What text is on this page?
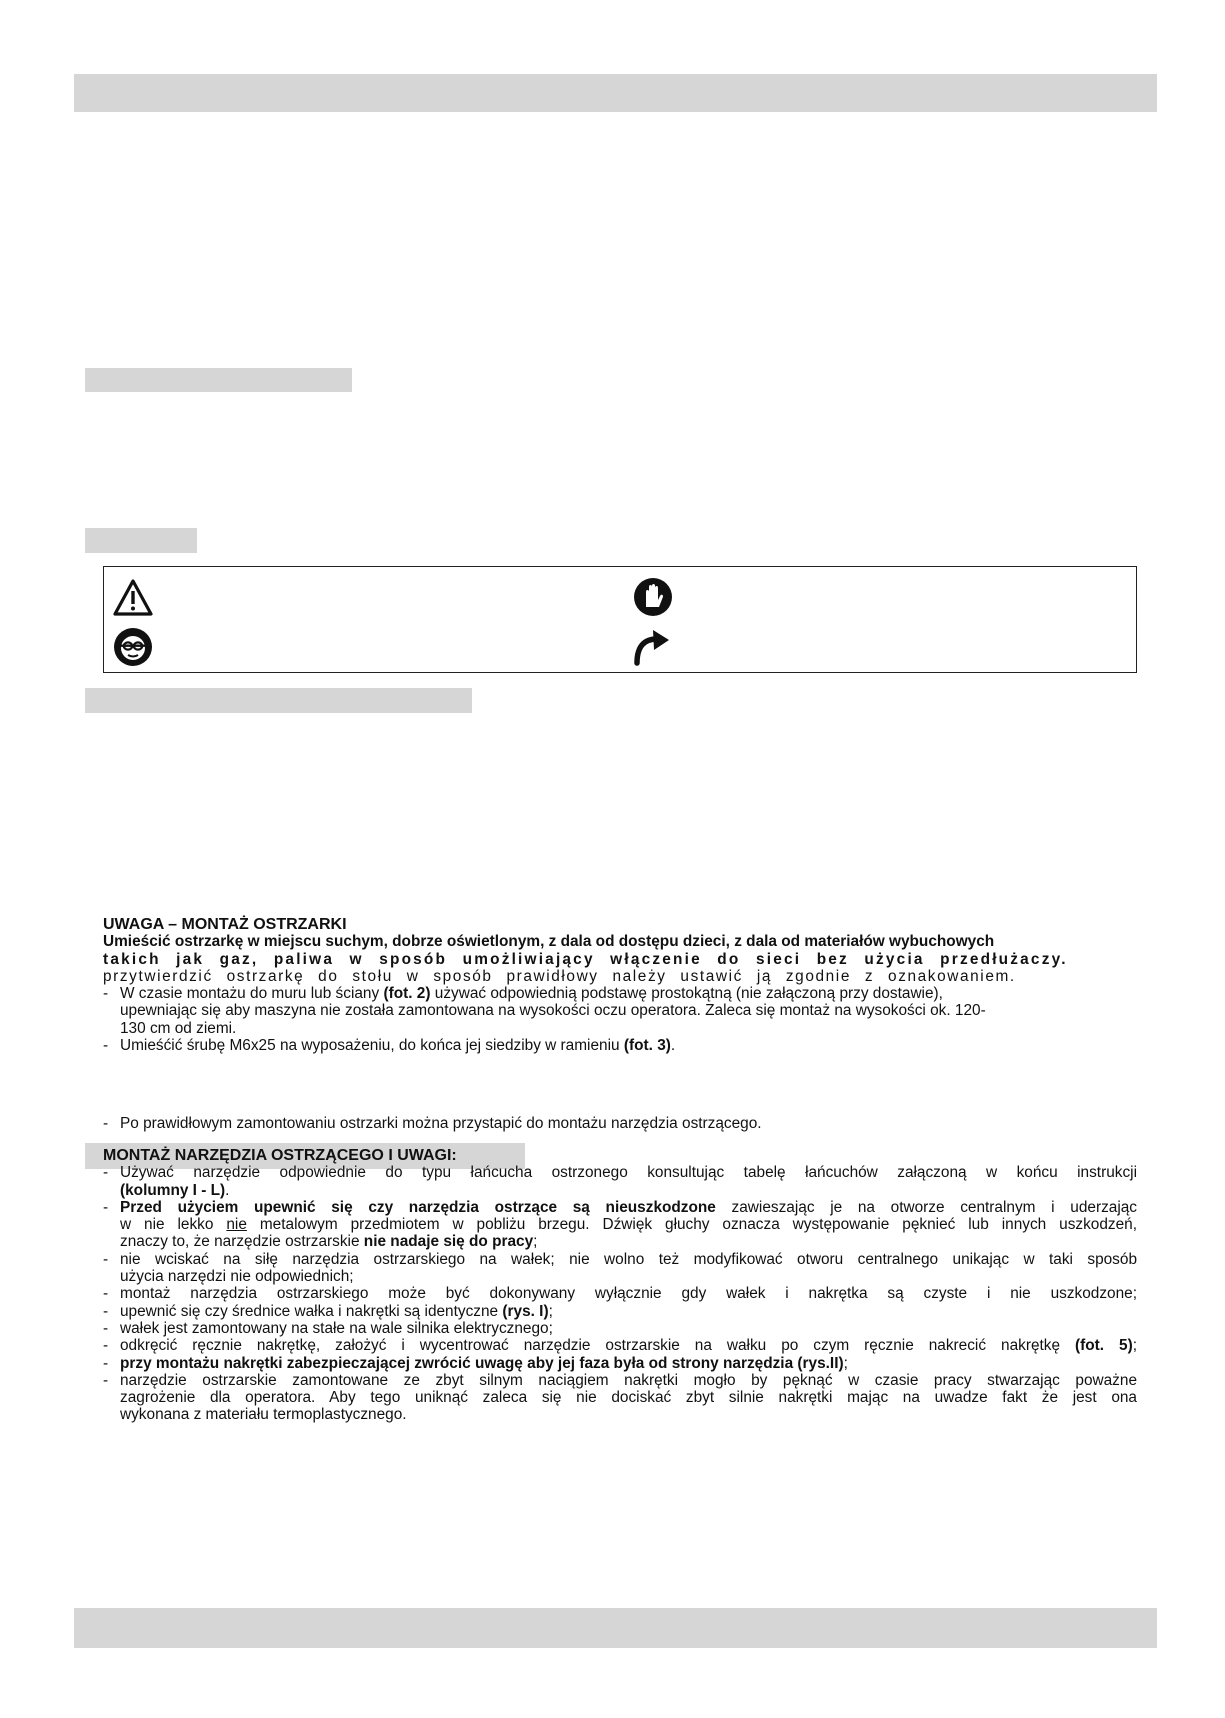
UWAGA – MONTAŻ OSTRZARKI

Umieścić ostrzarkę w miejscu suchym, dobrze oświetlonym, z dala od dostępu dzieci, z dala od materiałów wybuchowych

takich jak gaz, paliwa w sposób umożliwiający włączenie do sieci bez użycia przedłużaczy.

przytwierdzić ostrzarkę do stołu w sposób prawidłowy należy ustawić ją zgodnie z oznakowaniem.

- W czasie montażu do muru lub ściany (fot. 2) używać odpowiednią podstawę prostokątną (nie załączoną przy dostawie),

upewniając się aby maszyna nie została zamontowana na wysokości oczu operatora. Zaleca się montaż na wysokości ok. 120-

130 cm od ziemi.

- Umieśćić śrubę M6x25 na wyposażeniu, do końca jej siedziby w ramieniu (fot. 3).

- Po prawidłowym zamontowaniu ostrzarki można przystapić do montażu narzędzia ostrzącego.

MONTAŻ NARZĘDZIA OSTRZĄCEGO I UWAGI:

- Używać narzędzie odpowiednie do typu łańcucha ostrzonego konsultując tabelę łańcuchów załączoną w końcu instrukcji

(kolumny I - L).

- Przed użyciem upewnić się czy narzędzia ostrzące są nieuszkodzone zawieszając je na otworze centralnym i uderzając

w nie lekko nie metalowym przedmiotem w pobliżu brzegu. Dźwięk głuchy oznacza występowanie pęknieć lub innych uszkodzeń,

znaczy to, że narzędzie ostrzarskie nie nadaje się do pracy;

- nie wciskać na siłę narzędzia ostrzarskiego na wałek; nie wolno też modyfikować otworu centralnego unikając w taki sposób

użycia narzędzi nie odpowiednich;

- montaż narzędzia ostrzarskiego może być dokonywany wyłącznie gdy wałek i nakrętka są czyste i nie uszkodzone;

- upewnić się czy średnice wałka i nakrętki są identyczne (rys. I);

- wałek jest zamontowany na stałe na wale silnika elektrycznego;

- odkręcić ręcznie nakrętkę, założyć i wycentrować narzędzie ostrzarskie na wałku po czym ręcznie nakrecić nakrętkę (fot. 5);

- przy montażu nakrętki zabezpieczającej zwrócić uwagę aby jej faza była od strony narzędzia (rys.II);

- narzędzie ostrzarskie zamontowane ze zbyt silnym naciągiem nakrętki mogło by pęknąć w czasie pracy stwarzając poważne

zagrożenie dla operatora. Aby tego uniknąć zaleca się nie dociskać zbyt silnie nakrętki mając na uwadze fakt że jest ona

wykonana z materiału termoplastycznego.
